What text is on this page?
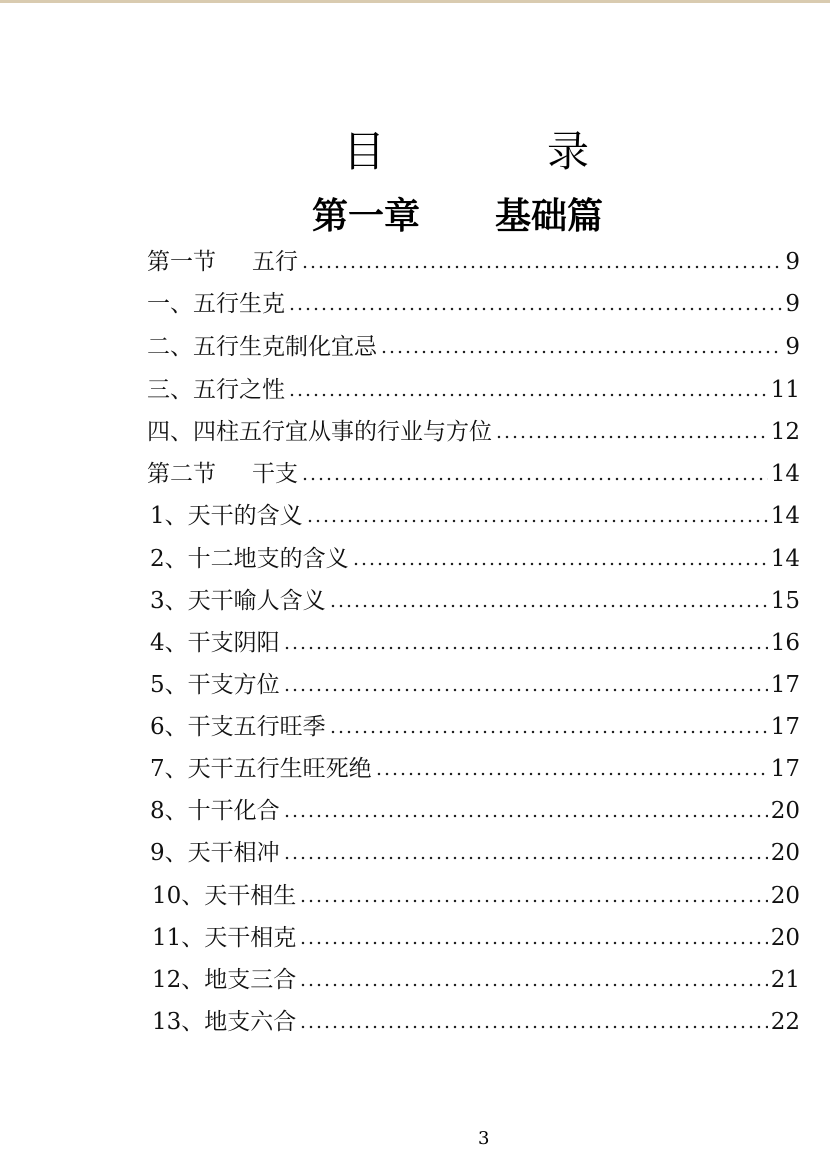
目	录
第一章 基础篇
第一节 五行	9
一、五行生克	9
二、五行生克制化宜忌	9
三、五行之性	11
四、四柱五行宜从事的行业与方位	12
第二节 干支	14
1、天干的含义	14
2、十二地支的含义	14
3、天干喻人含义	15
4、干支阴阳	16
5、干支方位	17
6、干支五行旺季	17
7、天干五行生旺死绝	17
8、十干化合	20
9、天干相冲	20
10、天干相生	20
11、天干相克	20
12、地支三合	21
13、地支六合	22
3
